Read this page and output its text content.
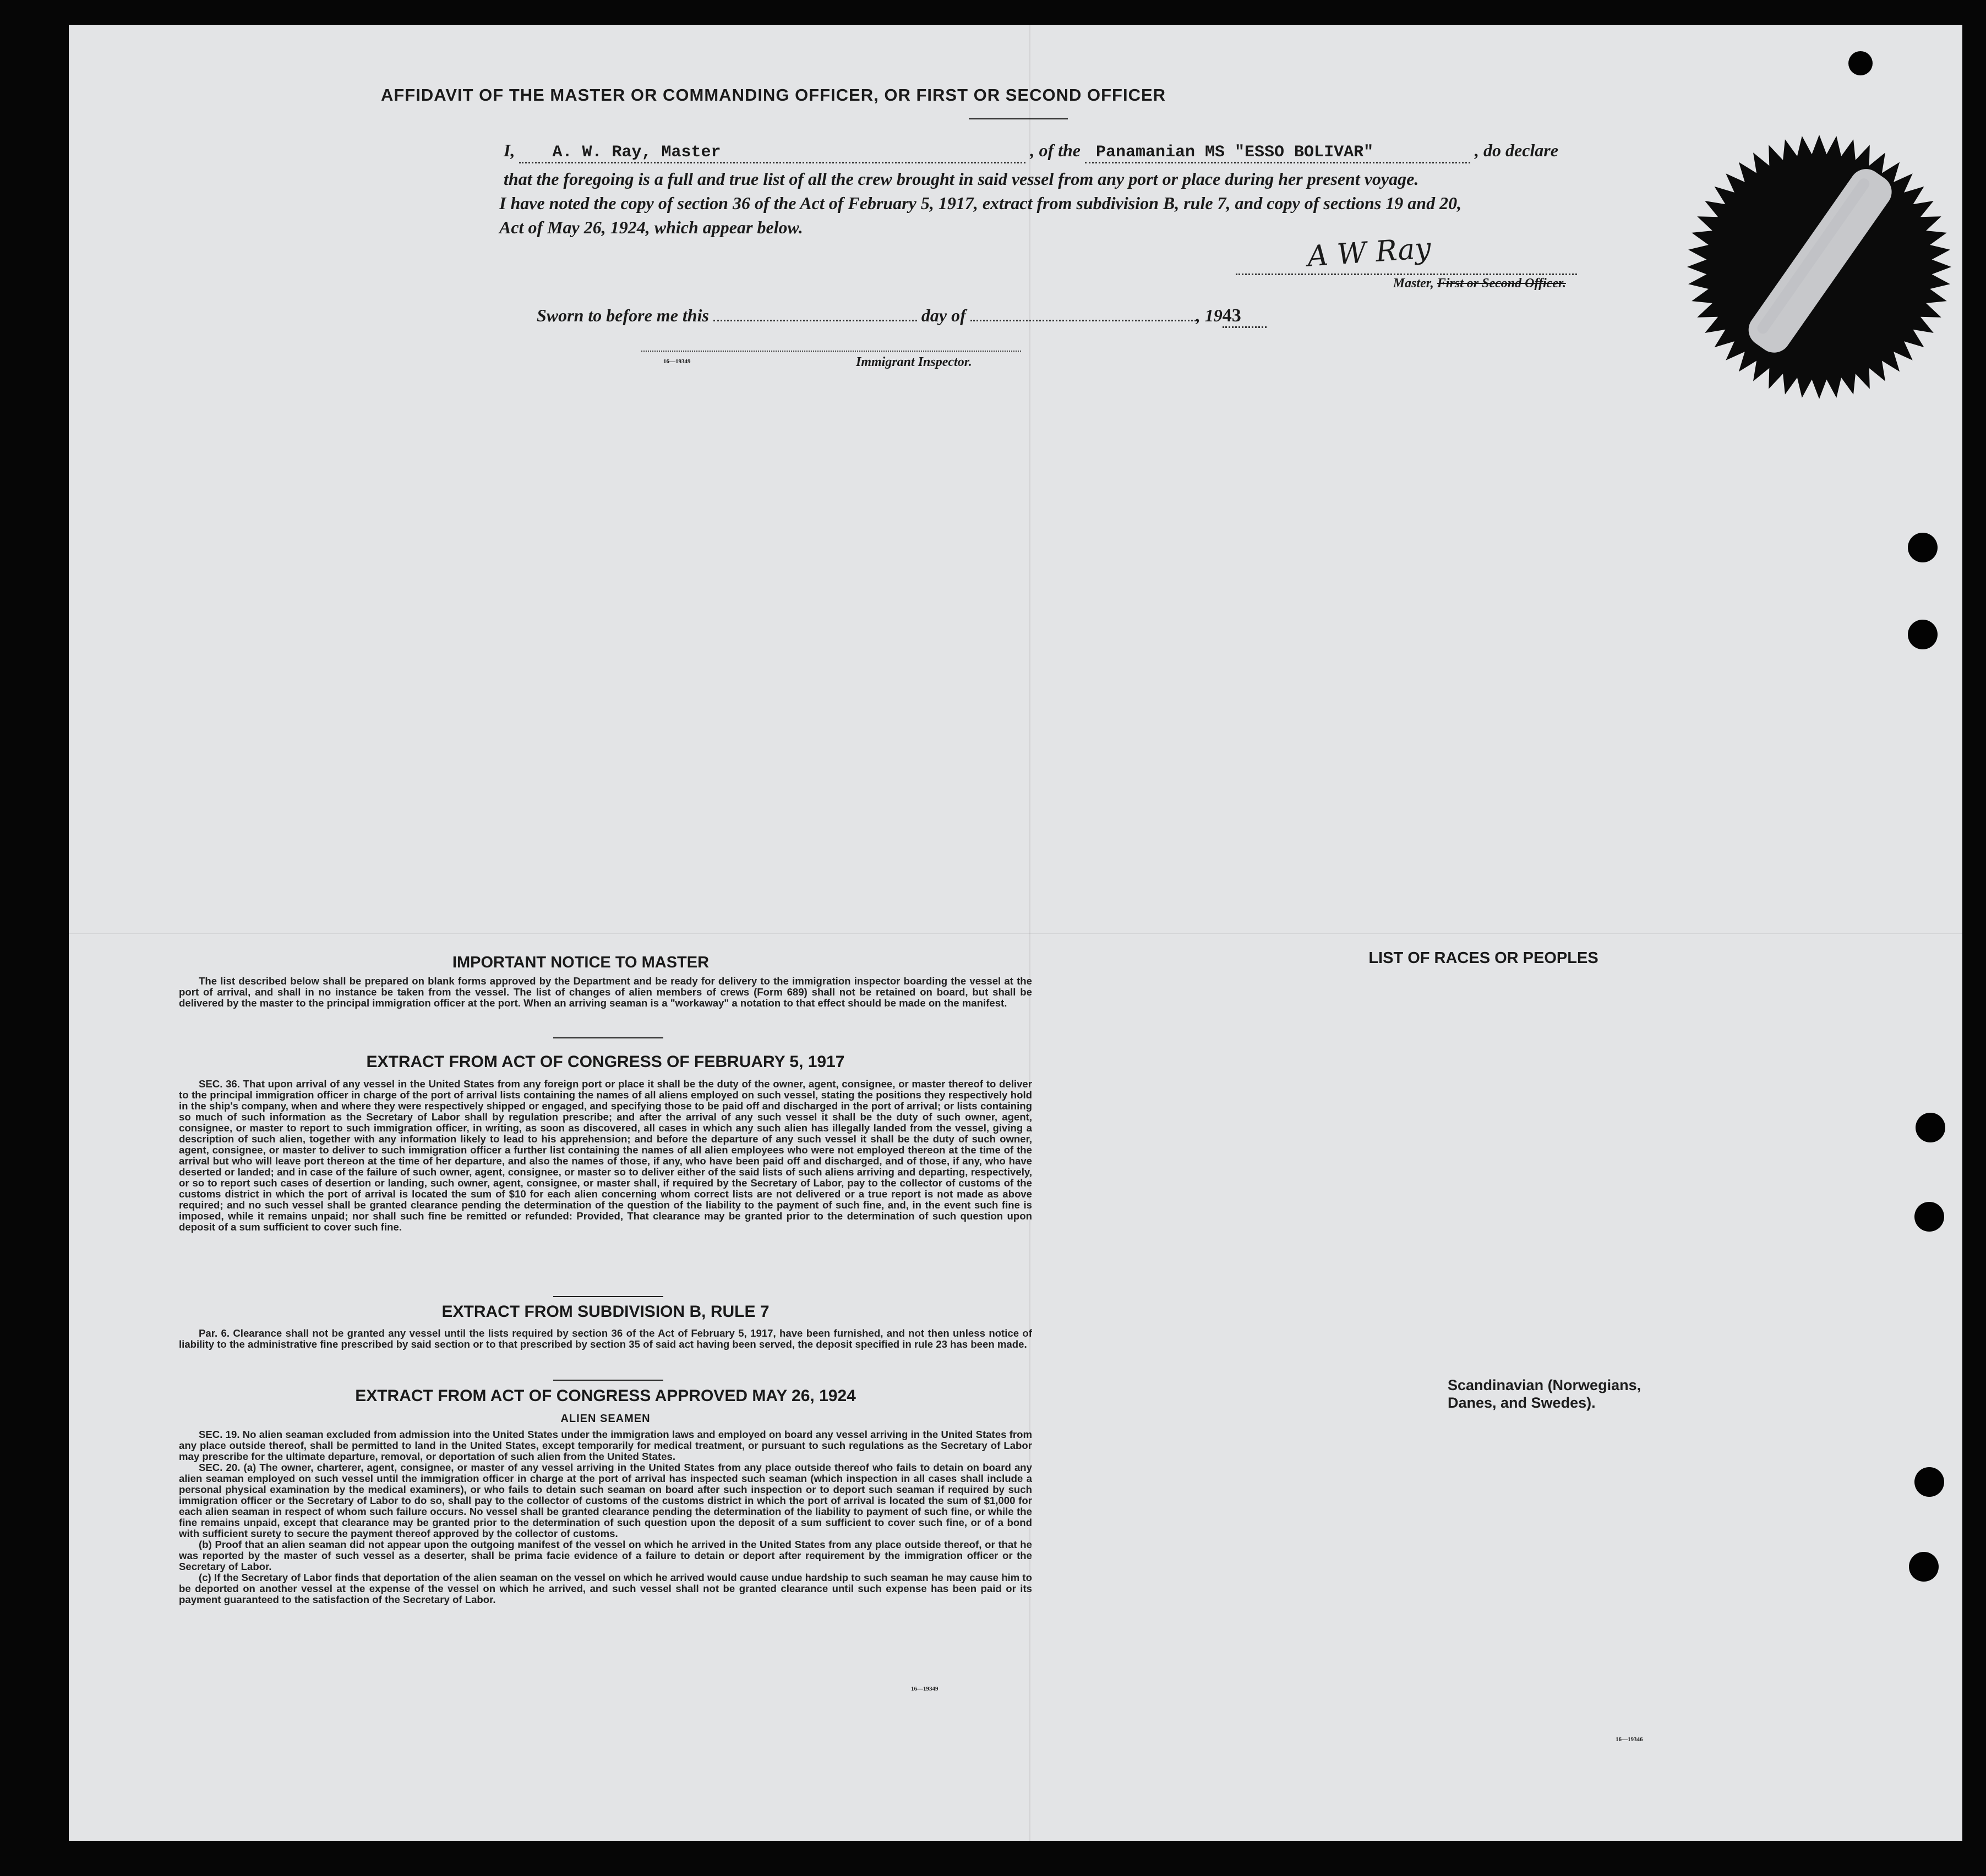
AFFIDAVIT OF THE MASTER OR COMMANDING OFFICER, OR FIRST OR SECOND OFFICER
I, A. W. Ray, Master	, of the Panamanian MS "ESSO BOLIVAR"	, do declare
that the foregoing is a full and true list of all the crew brought in said vessel from any port or place during her present voyage.
I have noted the copy of section 36 of the Act of February 5, 1917, extract from subdivision B, rule 7, and copy of sections 19 and 20,
Act of May 26, 1924, which appear below.
A W Ray
Master, First or Second Officer.
Sworn to before me this	day of	, 1943
16—19349	Immigrant Inspector.
IMPORTANT NOTICE TO MASTER

The list described below shall be prepared on blank forms approved by the Department and be ready for delivery to the immigration inspector boarding the vessel at the port of arrival, and shall in no instance be taken from the vessel. The list of changes of alien members of crews (Form 689) shall not be retained on board, but shall be delivered by the master to the principal immigration officer at the port. When an arriving seaman is a "workaway" a notation to that effect should be made on the manifest.

EXTRACT FROM ACT OF CONGRESS OF FEBRUARY 5, 1917

SEC. 36. That upon arrival of any vessel in the United States from any foreign port or place it shall be the duty of the owner, agent, consignee, or master thereof to deliver to the principal immigration officer in charge of the port of arrival lists containing the names of all aliens employed on such vessel, stating the positions they respectively hold in the ship's company, when and where they were respectively shipped or engaged, and specifying those to be paid off and discharged in the port of arrival; or lists containing so much of such information as the Secretary of Labor shall by regulation prescribe; and after the arrival of any such vessel it shall be the duty of such owner, agent, consignee, or master to report to such immigration officer, in writing, as soon as discovered, all cases in which any such alien has illegally landed from the vessel, giving a description of such alien, together with any information likely to lead to his apprehension; and before the departure of any such vessel it shall be the duty of such owner, agent, consignee, or master to deliver to such immigration officer a further list containing the names of all alien employees who were not employed thereon at the time of the arrival but who will leave port thereon at the time of her departure, and also the names of those, if any, who have been paid off and discharged, and of those, if any, who have deserted or landed; and in case of the failure of such owner, agent, consignee, or master so to deliver either of the said lists of such aliens arriving and departing, respectively, or so to report such cases of desertion or landing, such owner, agent, consignee, or master shall, if required by the Secretary of Labor, pay to the collector of customs of the customs district in which the port of arrival is located the sum of $10 for each alien concerning whom correct lists are not delivered or a true report is not made as above required; and no such vessel shall be granted clearance pending the determination of the question of the liability to the payment of such fine, and, in the event such fine is imposed, while it remains unpaid; nor shall such fine be remitted or refunded: Provided, That clearance may be granted prior to the determination of such question upon deposit of a sum sufficient to cover such fine.

EXTRACT FROM SUBDIVISION B, RULE 7

Par. 6. Clearance shall not be granted any vessel until the lists required by section 36 of the Act of February 5, 1917, have been furnished, and not then unless notice of liability to the administrative fine prescribed by said section or to that prescribed by section 35 of said act having been served, the deposit specified in rule 23 has been made.

EXTRACT FROM ACT OF CONGRESS APPROVED MAY 26, 1924
ALIEN SEAMEN

SEC. 19. No alien seaman excluded from admission into the United States under the immigration laws and employed on board any vessel arriving in the United States from any place outside thereof, shall be permitted to land in the United States, except temporarily for medical treatment, or pursuant to such regulations as the Secretary of Labor may prescribe for the ultimate departure, removal, or deportation of such alien from the United States.

SEC. 20. (a) The owner, charterer, agent, consignee, or master of any vessel arriving in the United States from any place outside thereof who fails to detain on board any alien seaman employed on such vessel until the immigration officer in charge at the port of arrival has inspected such seaman (which inspection in all cases shall include a personal physical examination by the medical examiners), or who fails to detain such seaman on board after such inspection or to deport such seaman if required by such immigration officer or the Secretary of Labor to do so, shall pay to the collector of customs of the customs district in which the port of arrival is located the sum of $1,000 for each alien seaman in respect of whom such failure occurs. No vessel shall be granted clearance pending the determination of the liability to payment of such fine, or while the fine remains unpaid, except that clearance may be granted prior to the determination of such question upon the deposit of a sum sufficient to cover such fine, or of a bond with sufficient surety to secure the payment thereof approved by the collector of customs.

(b) Proof that an alien seaman did not appear upon the outgoing manifest of the vessel on which he arrived in the United States from any place outside thereof, or that he was reported by the master of such vessel as a deserter, shall be prima facie evidence of a failure to detain or deport after requirement by the immigration officer or the Secretary of Labor.

(c) If the Secretary of Labor finds that deportation of the alien seaman on the vessel on which he arrived would cause undue hardship to such seaman he may cause him to be deported on another vessel at the expense of the vessel on which he arrived, and such vessel shall not be granted clearance until such expense has been paid or its payment guaranteed to the satisfaction of the Secretary of Labor.

16—19349
LIST OF RACES OR PEOPLES
16—19346
Scandinavian (Norwegians, Danes, and Swedes).
